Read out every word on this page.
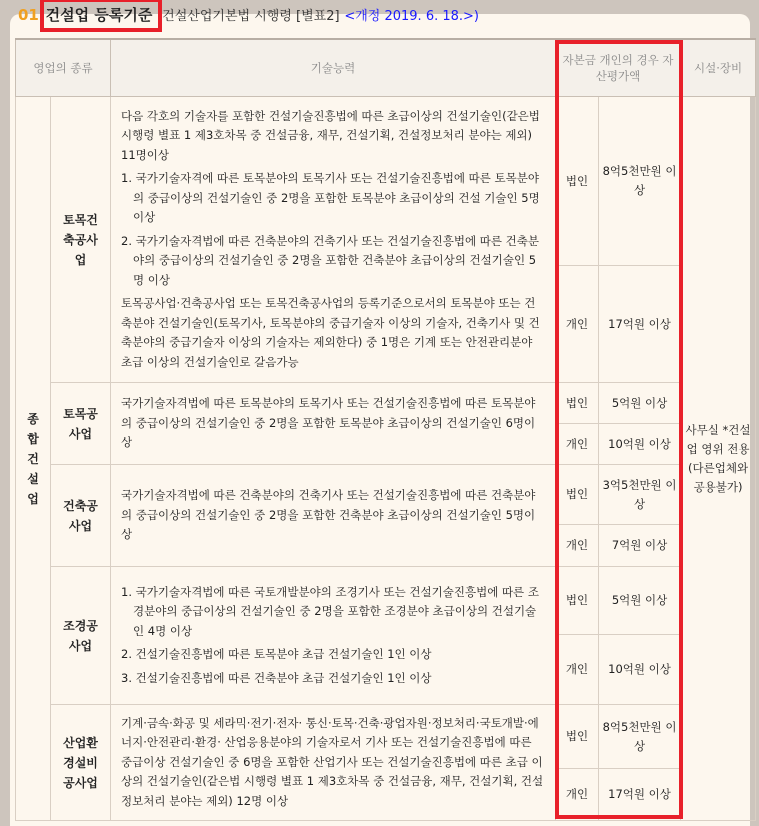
01 건설업 등록기준 [건설산업기본법 시행령 [별표2] <개정 2019. 6. 18.>)
영업의 종류		기술능력	자본금 개인의 경우 자산평가액		시설·장비
종합건설업	토목건축공사업	다음 각호의 기술자를 포함한 건설기술진흥법에 따른 초급이상의 건설기술인(같은법 시행령 별표 1 제3호차목 중 건설금융, 재무, 건설기획, 건설정보처리 분야는 제외) 11명이상

1. 국가기술자격에 따른 토목분야의 토목기사 또는 건설기술진흥법에 따른 토목분야의 중급이상의 건설기술인 중 2명을 포함한 토목분야 초급이상의 건설 기술인 5명이상

2. 국가기술자격법에 따른 건축분야의 건축기사 또는 건설기술진흥법에 따른 건축분야의 중급이상의 건설기술인 중 2명을 포함한 건축분야 초급이상의 건설기술인 5명 이상

토목공사업·건축공사업 또는 토목건축공사업의 등록기준으로서의 토목분야 또는 건축분야 건설기술인(토목기사, 토목분야의 중급기술자 이상의 기술자, 건축기사 및 건축분야의 중급기술자 이상의 기술자는 제외한다) 중 1명은 기계 또는 안전관리분야 초급 이상의 건설기술인로 갈음가능	법인	8억5천만원 이상	사무실 *건설업 영위 전용 (다른업체와 공용불가)
			개인	17억원 이상	
	토목공사업	국가기술자격법에 따른 토목분야의 토목기사 또는 건설기술진흥법에 따른 토목분야의 중급이상의 건설기술인 중 2명을 포함한 토목분야 초급이상의 건설기술인 6명이상	법인	5억원 이상	
			개인	10억원 이상	
	건축공사업	국가기술자격법에 따른 건축분야의 건축기사 또는 건설기술진흥법에 따른 건축분야의 중급이상의 건설기술인 중 2명을 포함한 건축분야 초급이상의 건설기술인 5명이상	법인	3억5천만원 이상	
			개인	7억원 이상	
	조경공사업	1. 국가기술자격법에 따른 국토개발분야의 조경기사 또는 건설기술진흥법에 따른 조경분야의 중급이상의 건설기술인 중 2명을 포함한 조경분야 초급이상의 건설기술인 4명 이상

2. 건설기술진흥법에 따른 토목분야 초급 건설기술인 1인 이상

3. 건설기술진흥법에 따른 건축분야 초급 건설기술인 1인 이상	법인	5억원 이상	
			개인	10억원 이상	
	산업환경설비공사업	기계·금속·화공 및 세라믹·전기·전자· 통신·토목·건축·광업자원·정보처리·국토개발·에너지·안전관리·환경· 산업응용분야의 기술자로서 기사 또는 건설기술진흥법에 따른 중급이상 건설기술인 중 6명을 포함한 산업기사 또는 건설기술진흥법에 따른 초급 이상의 건설기술인(같은법 시행령 별표 1 제3호차목 중 건설금융, 재무, 건설기획, 건설정보처리 분야는 제외) 12명 이상	법인	8억5천만원 이상	
			개인	17억원 이상	
